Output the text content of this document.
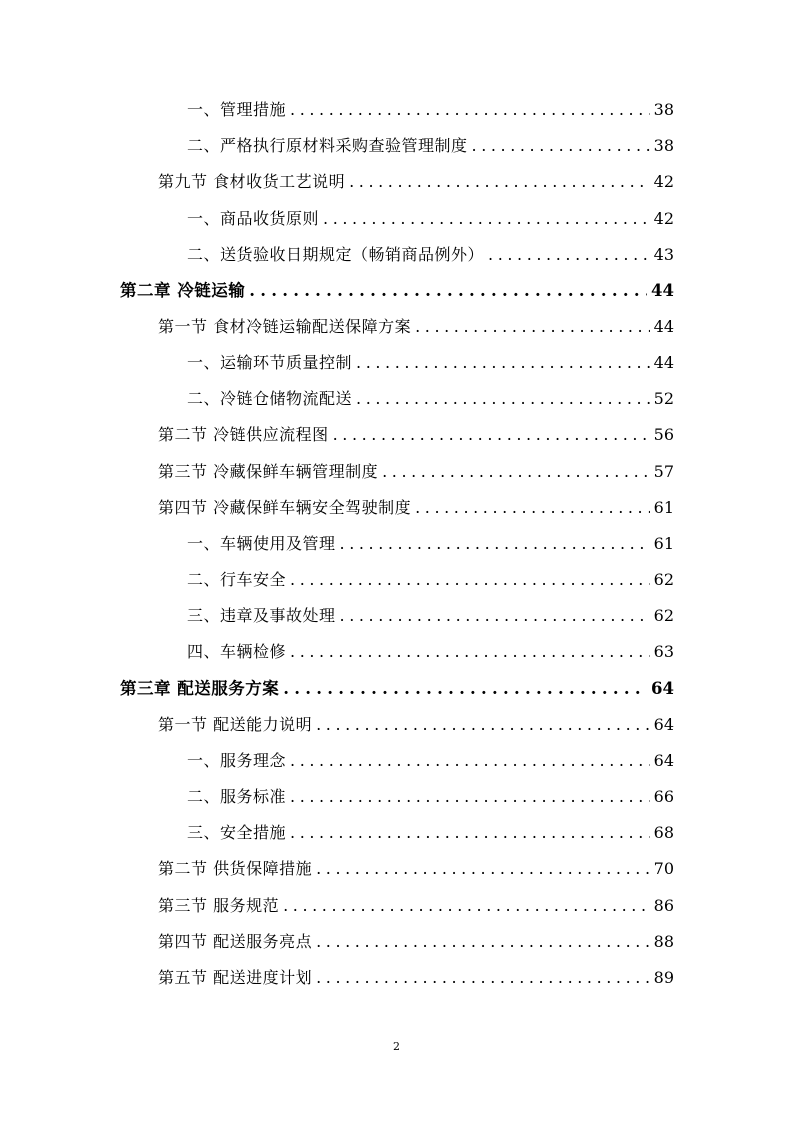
一、管理措施 . . .	38
二、严格执行原材料采购查验管理制度 . . .	38
第九节 食材收货工艺说明 . . .	42
一、商品收货原则 . . .	42
二、送货验收日期规定（畅销商品例外） . . .	43
第二章 冷链运输 . . .	44
第一节 食材冷链运输配送保障方案 . . .	44
一、运输环节质量控制 . . .	44
二、冷链仓储物流配送 . . .	52
第二节 冷链供应流程图 . . .	56
第三节 冷藏保鲜车辆管理制度 . . .	57
第四节 冷藏保鲜车辆安全驾驶制度 . . .	61
一、车辆使用及管理 . . .	61
二、行车安全 . . .	62
三、违章及事故处理 . . .	62
四、车辆检修 . . .	63
第三章 配送服务方案 . . .	64
第一节 配送能力说明 . . .	64
一、服务理念 . . .	64
二、服务标准 . . .	66
三、安全措施 . . .	68
第二节 供货保障措施 . . .	70
第三节 服务规范 . . .	86
第四节 配送服务亮点 . . .	88
第五节 配送进度计划 . . .	89
2
